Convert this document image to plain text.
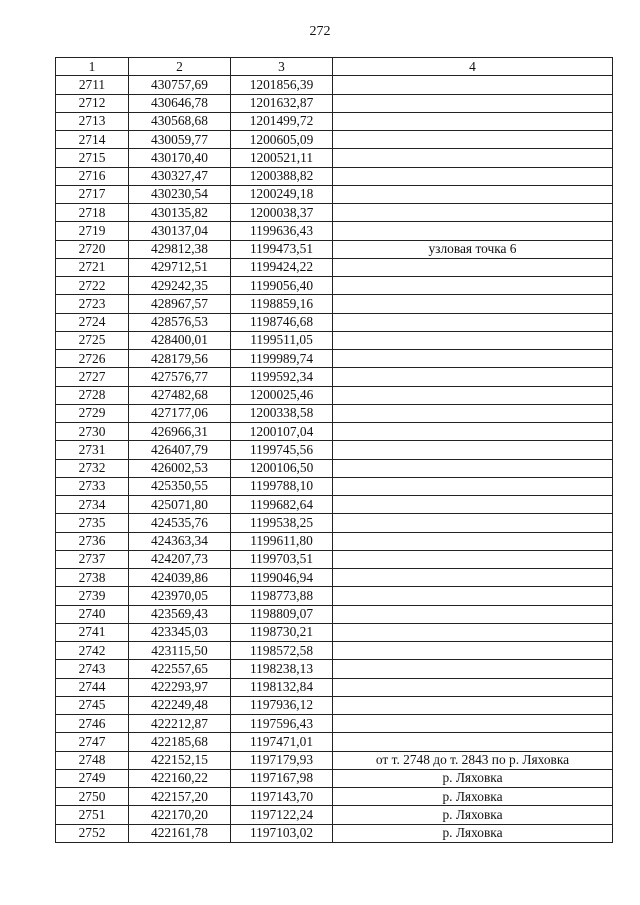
272
1	2	3	4
2711	430757,69	1201856,39	
2712	430646,78	1201632,87	
2713	430568,68	1201499,72	
2714	430059,77	1200605,09	
2715	430170,40	1200521,11	
2716	430327,47	1200388,82	
2717	430230,54	1200249,18	
2718	430135,82	1200038,37	
2719	430137,04	1199636,43	
2720	429812,38	1199473,51	узловая точка 6
2721	429712,51	1199424,22	
2722	429242,35	1199056,40	
2723	428967,57	1198859,16	
2724	428576,53	1198746,68	
2725	428400,01	1199511,05	
2726	428179,56	1199989,74	
2727	427576,77	1199592,34	
2728	427482,68	1200025,46	
2729	427177,06	1200338,58	
2730	426966,31	1200107,04	
2731	426407,79	1199745,56	
2732	426002,53	1200106,50	
2733	425350,55	1199788,10	
2734	425071,80	1199682,64	
2735	424535,76	1199538,25	
2736	424363,34	1199611,80	
2737	424207,73	1199703,51	
2738	424039,86	1199046,94	
2739	423970,05	1198773,88	
2740	423569,43	1198809,07	
2741	423345,03	1198730,21	
2742	423115,50	1198572,58	
2743	422557,65	1198238,13	
2744	422293,97	1198132,84	
2745	422249,48	1197936,12	
2746	422212,87	1197596,43	
2747	422185,68	1197471,01	
2748	422152,15	1197179,93	от т. 2748 до т. 2843 по р. Ляховка
2749	422160,22	1197167,98	р. Ляховка
2750	422157,20	1197143,70	р. Ляховка
2751	422170,20	1197122,24	р. Ляховка
2752	422161,78	1197103,02	р. Ляховка
